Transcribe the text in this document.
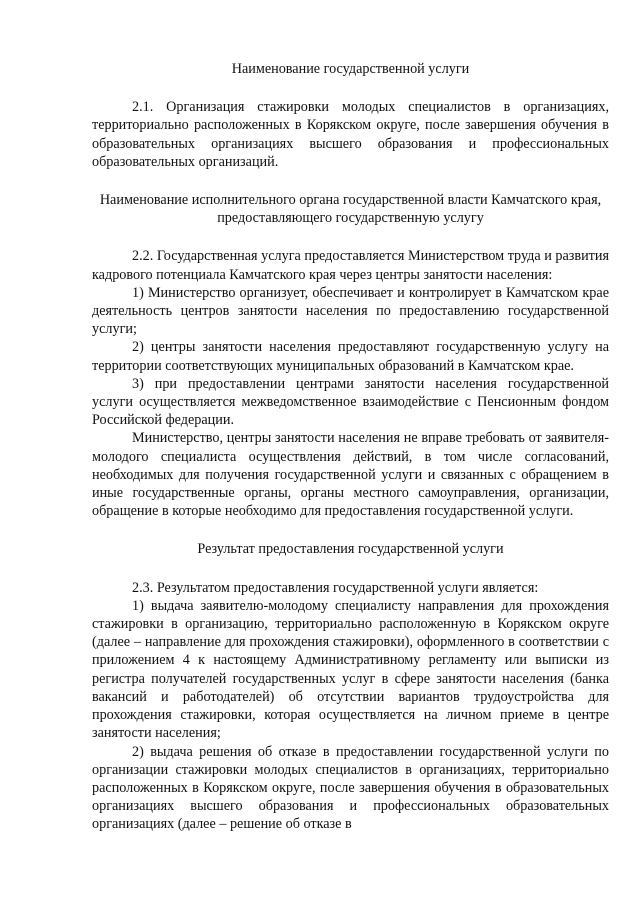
Наименование государственной услуги

2.1. Организация стажировки молодых специалистов в организациях, территориально расположенных в Корякском округе, после завершения обучения в образовательных организациях высшего образования и профессиональных образовательных организаций.

Наименование исполнительного органа государственной власти Камчатского края, предоставляющего государственную услугу

2.2. Государственная услуга предоставляется Министерством труда и развития кадрового потенциала Камчатского края через центры занятости населения:

1) Министерство организует, обеспечивает и контролирует в Камчатском крае деятельность центров занятости населения по предоставлению государственной услуги;

2) центры занятости населения предоставляют государственную услугу на территории соответствующих муниципальных образований в Камчатском крае.

3) при предоставлении центрами занятости населения государственной услуги осуществляется межведомственное взаимодействие с Пенсионным фондом Российской федерации.

Министерство, центры занятости населения не вправе требовать от заявителя-молодого специалиста осуществления действий, в том числе согласований, необходимых для получения государственной услуги и связанных с обращением в иные государственные органы, органы местного самоуправления, организации, обращение в которые необходимо для предоставления государственной услуги.

Результат предоставления государственной услуги

2.3. Результатом предоставления государственной услуги является:

1) выдача заявителю-молодому специалисту направления для прохождения стажировки в организацию, территориально расположенную в Корякском округе (далее – направление для прохождения стажировки), оформленного в соответствии с приложением 4 к настоящему Административному регламенту или выписки из регистра получателей государственных услуг в сфере занятости населения (банка вакансий и работодателей) об отсутствии вариантов трудоустройства для прохождения стажировки, которая осуществляется на личном приеме в центре занятости населения;

2) выдача решения об отказе в предоставлении государственной услуги по организации стажировки молодых специалистов в организациях, территориально расположенных в Корякском округе, после завершения обучения в образовательных организациях высшего образования и профессиональных образовательных организациях (далее – решение об отказе в
